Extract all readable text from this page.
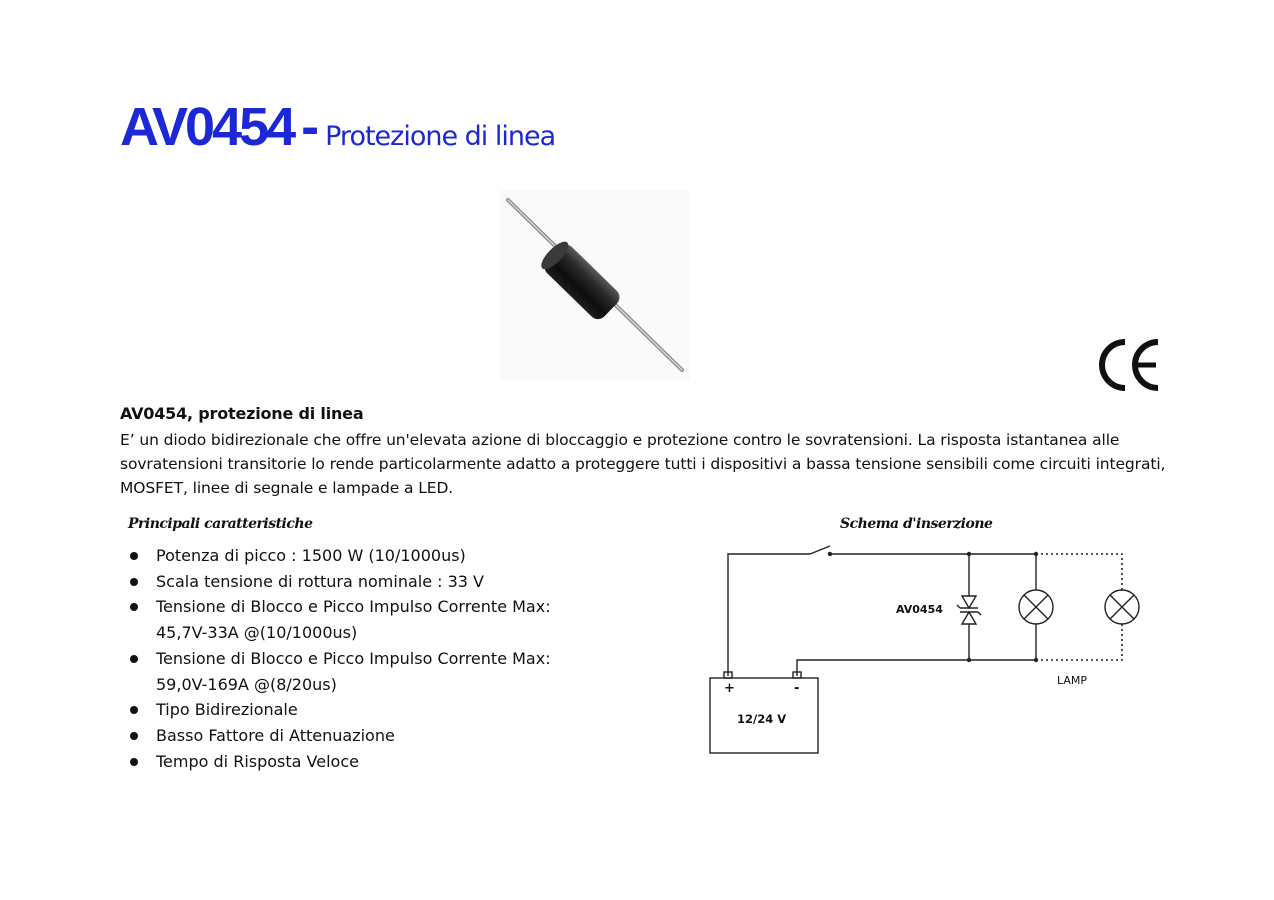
AV0454 - Protezione di linea
AV0454, protezione di linea
E’ un diodo bidirezionale che offre un'elevata azione di bloccaggio e protezione contro le sovratensioni. La risposta istantanea alle sovratensioni transitorie lo rende particolarmente adatto a proteggere tutti i dispositivi a bassa tensione sensibili come circuiti integrati, MOSFET, linee di segnale e lampade a LED.
Principali caratteristiche
Potenza di picco : 1500 W (10/1000us)
Scala tensione di rottura nominale : 33 V
Tensione di Blocco e Picco Impulso Corrente Max:
45,7V-33A @(10/1000us)
Tensione di Blocco e Picco Impulso Corrente Max:
59,0V-169A @(8/20us)
Tipo Bidirezionale
Basso Fattore di Attenuazione
Tempo di Risposta Veloce
Schema d'inserzione
AV0454
+	-
12/24 V
LAMP
